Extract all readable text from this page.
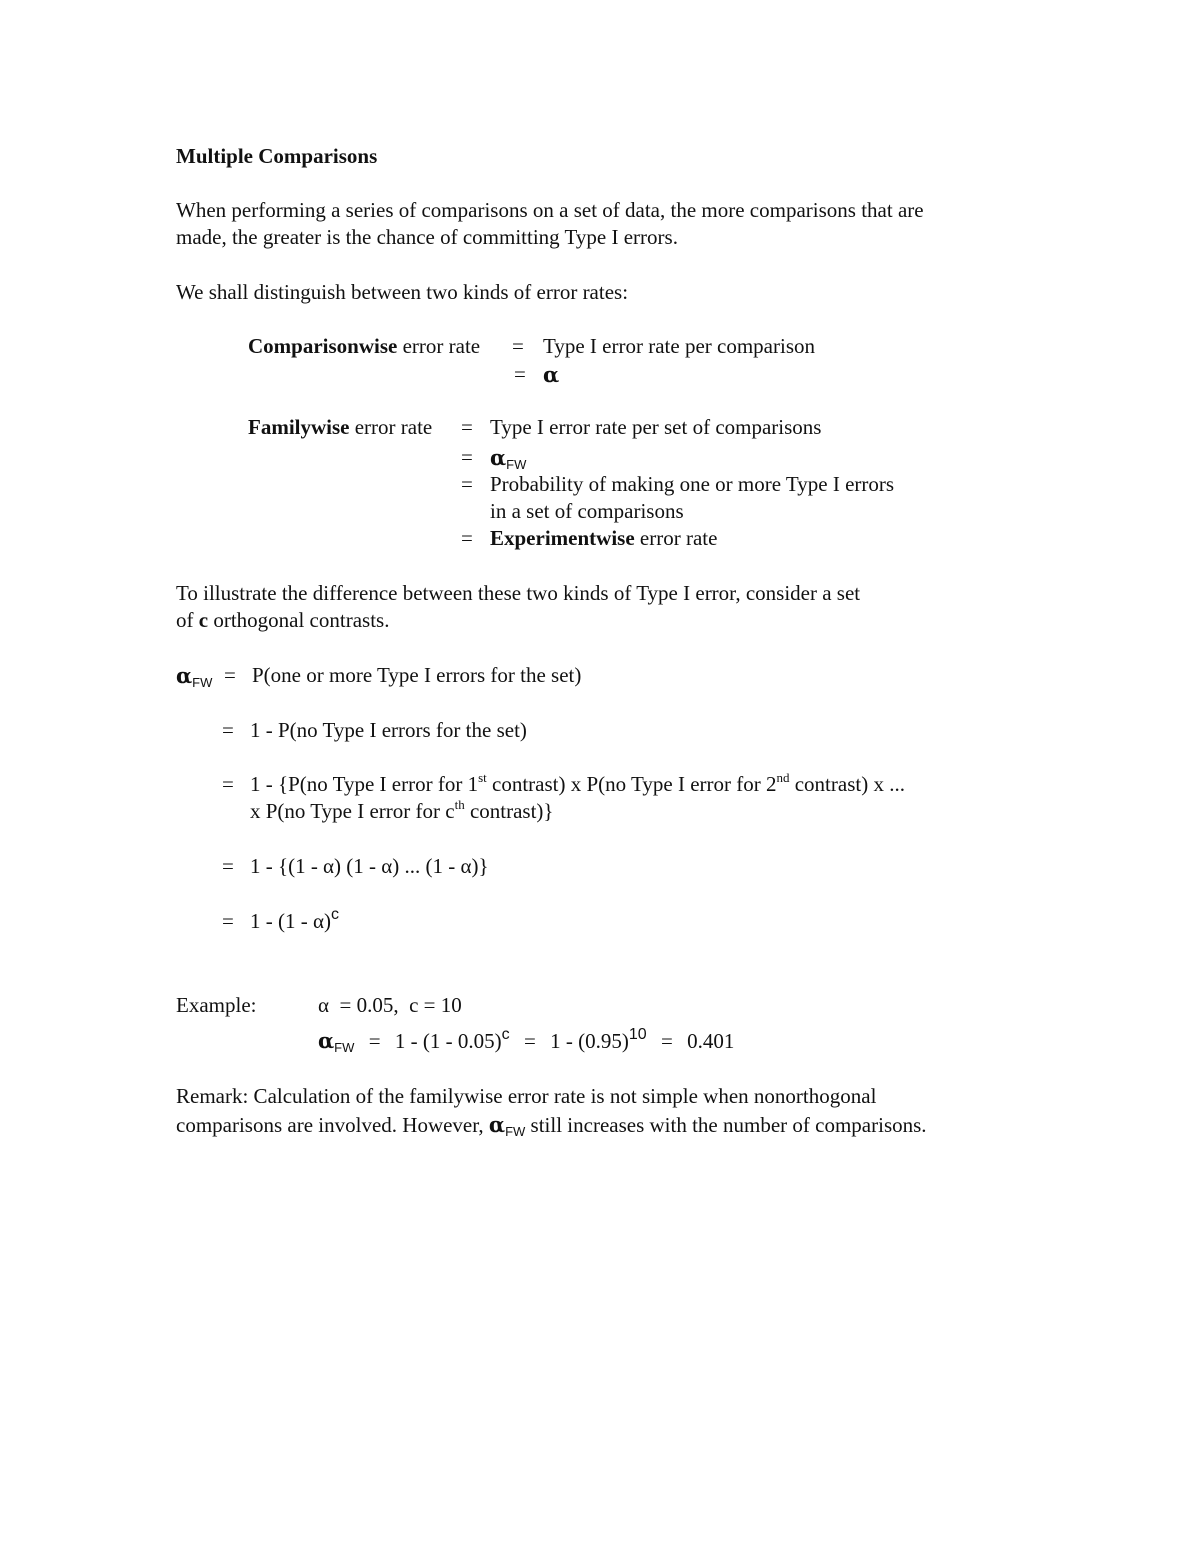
Multiple Comparisons
When performing a series of comparisons on a set of data, the more comparisons that are
made, the greater is the chance of committing Type I errors.
We shall distinguish between two kinds of error rates:
Comparisonwise error rate = Type I error rate per comparison
= α
Familywise error rate = Type I error rate per set of comparisons
= $\alpha_{FW}$
= Probability of making one or more Type I errors
in a set of comparisons
= Experimentwise error rate
To illustrate the difference between these two kinds of Type I error, consider a set
of c orthogonal contrasts.
$\alpha_{FW} = P(one$ or more Type I errors for the set)
= 1 - P(no Type I errors for the set)
= 1 - {P(no Type I error for 1st contrast) x P(no Type I error for 2nd contrast) x ...
x P(no Type I error for $c^{th}$ contrast)}
= 1 - {(1 - α) (1 - α) ... (1 - α)}
= 1 - (1 - α)$^c$
Example:	α  = 0.05,  c = 10
$\alpha_{FW} = 1 - (1 - 0.05)^c = 1 - (0.95)^{10} = 0.401$
Remark: Calculation of the familywise error rate is not simple when nonorthogonal
comparisons are involved. However, $\alpha_{FW}$ still increases with the number of comparisons.
